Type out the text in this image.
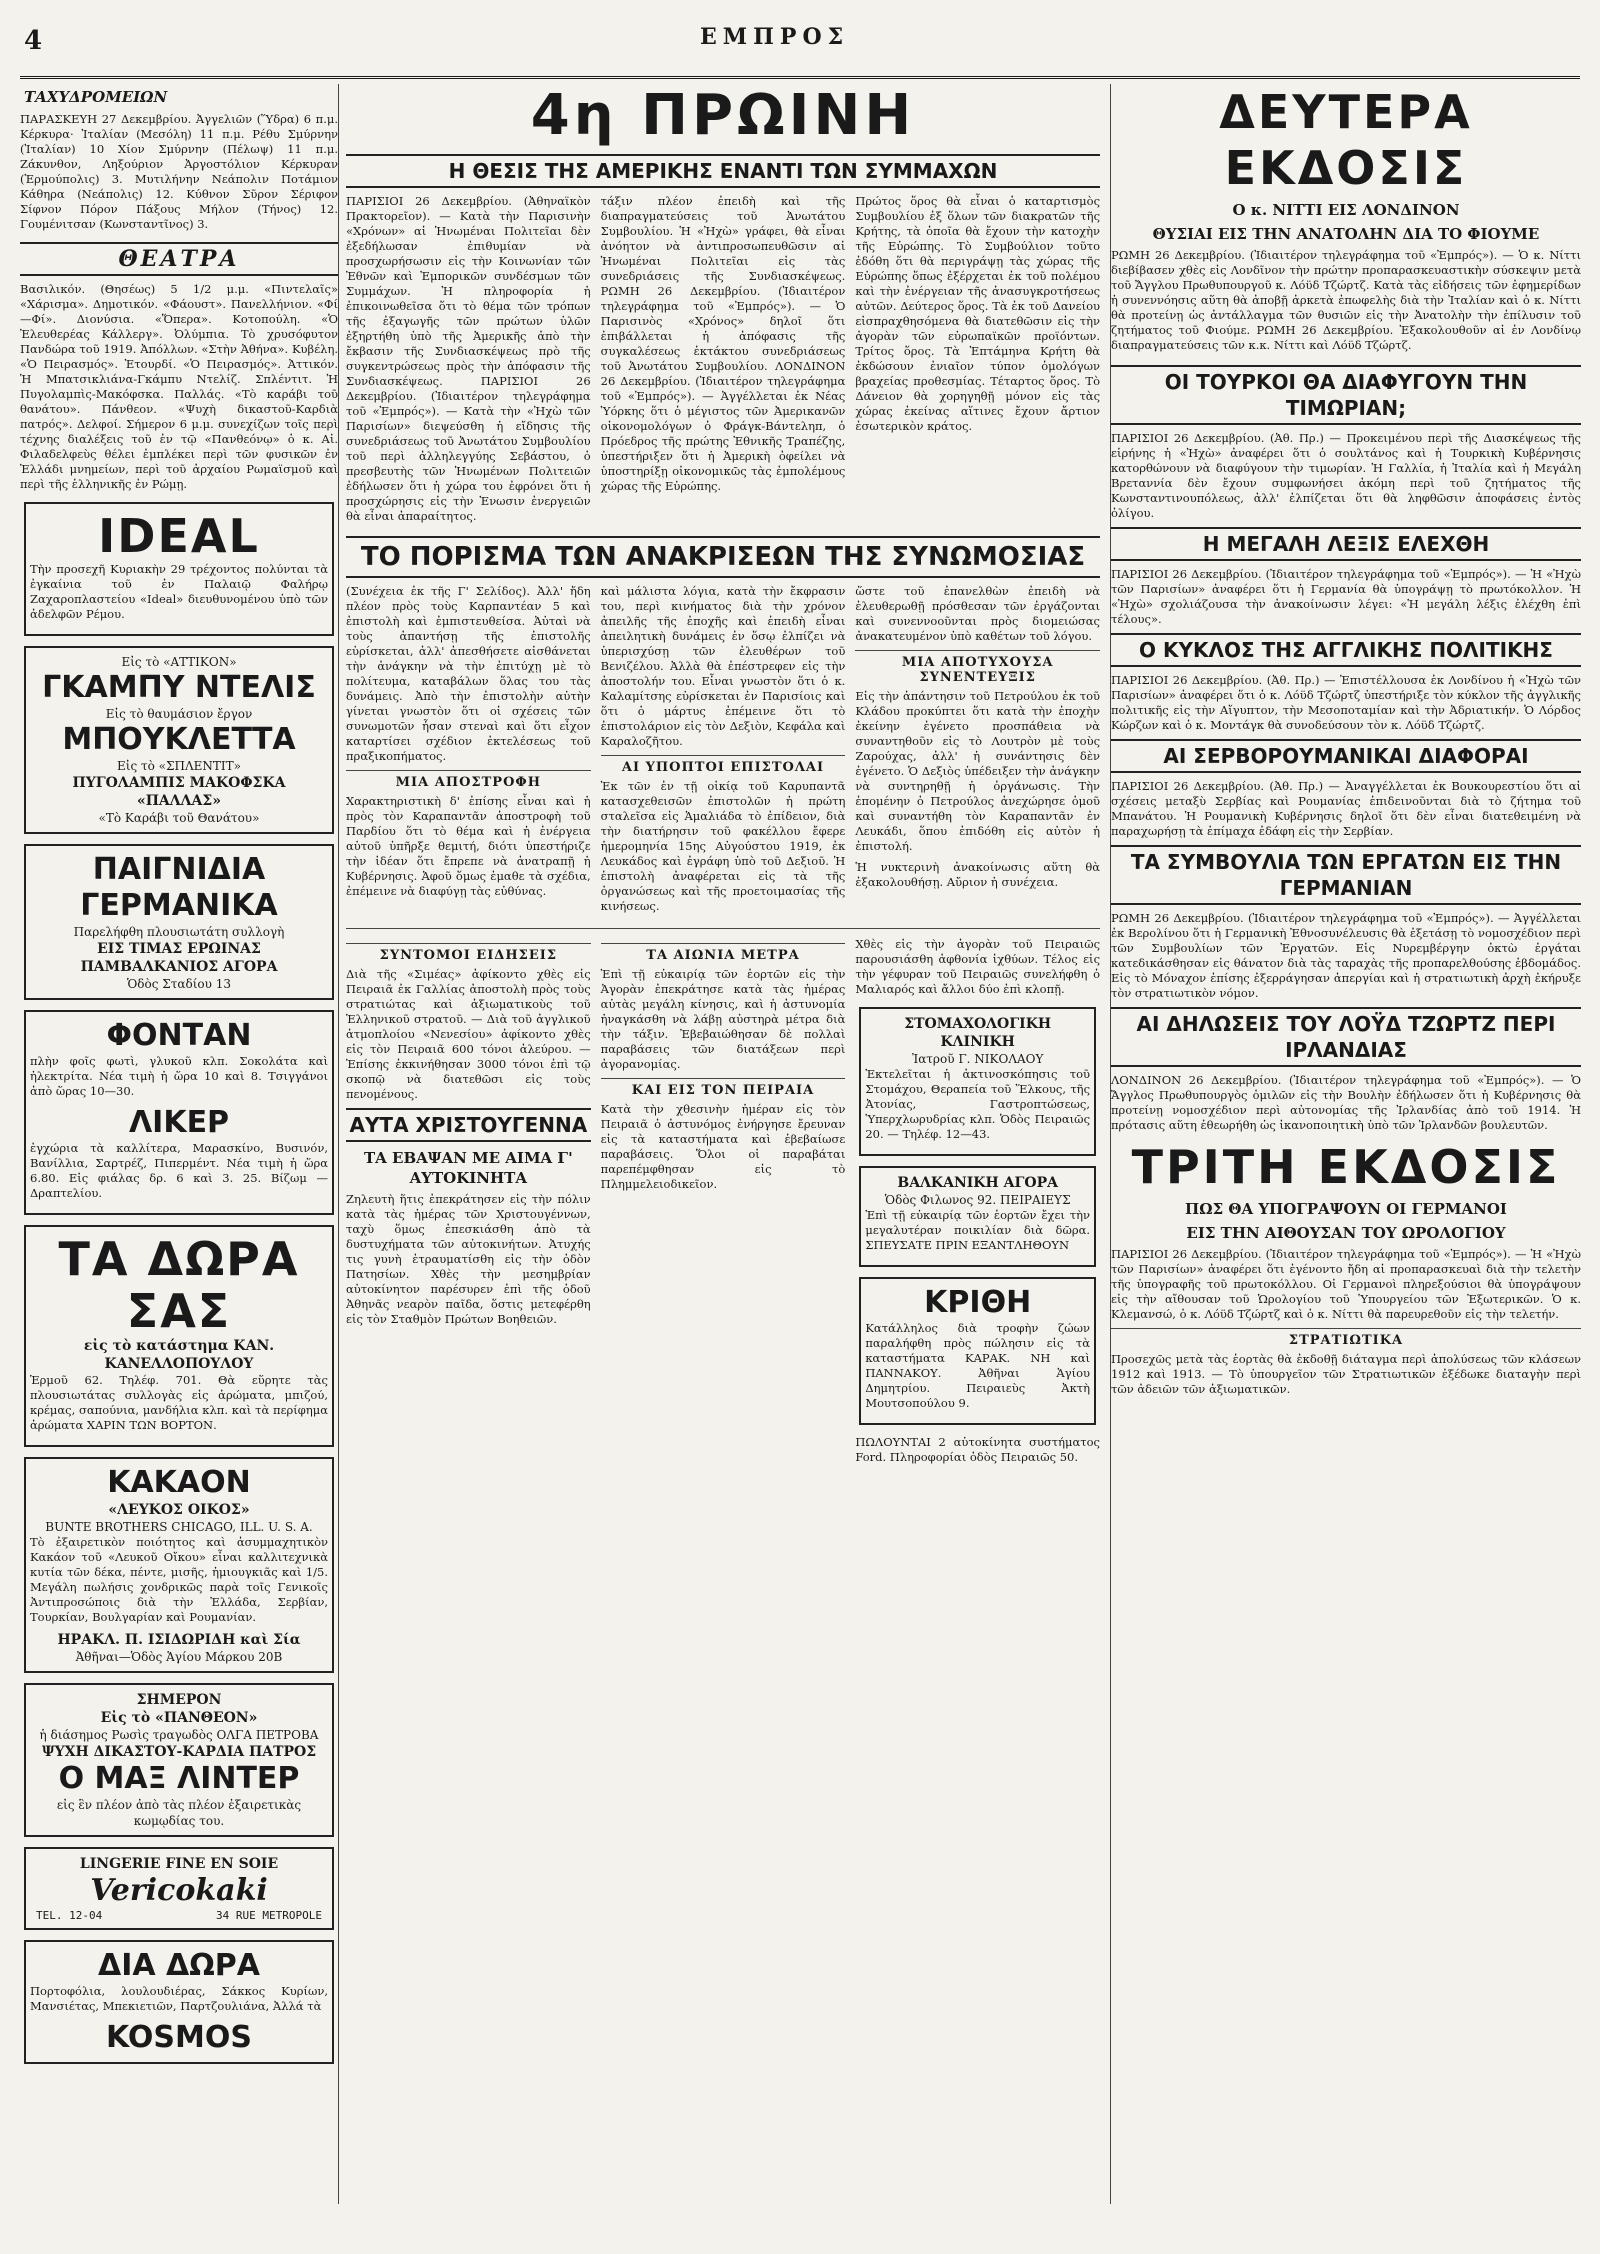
4	ΕΜΠΡΟΣ
ΤΑΧΥΔΡΟΜΕΙΩΝ

ΠΑΡΑΣΚΕΥΗ 27 Δεκεμβρίου. Ἀγγελιῶν (Ὕδρα) 6 π.μ. Κέρκυρα· Ἰταλίαν (Μεσόλη) 11 π.μ. Ρέθυ Σμύρνην (Ἰταλίαν) 10 Χίον Σμύρνην (Πέλωψ) 11 π.μ. Ζάκυνθον, Ληξούριον Ἀργοστόλιον Κέρκυραν (Ἑρμούπολις) 3. Μυτιλήνην Νεάπολιν Ποτάμιον Κάθηρα (Νεάπολις) 12. Κύθνον Σῦρον Σέριφον Σίφνον Πόρον Πάξους Μήλον (Τήνος) 12. Γουμένιτσαν (Κωνσταντῖνος) 3.

ΘΕΑΤΡΑ

Βασιλικόν. (Θησέως) 5 1/2 μ.μ. «Πιντελαῖς» «Χάρισμα». Δημοτικόν. «Φάουστ». Πανελλήνιον. «Φί—Φί». Διονύσια. «Ὅπερα». Κοτοπούλη. «Ὁ Ἐλευθερέας Κάλλεργ». Ὀλύμπια. Τὸ χρυσόφυτον Πανδώρα τοῦ 1919. Ἀπόλλων. «Στὴν Ἀθήνα». Κυβέλη. «Ὁ Πειρασμός». Ἑτουρδί. «Ὁ Πειρασμός». Ἀττικόν. Ἡ Μπατσικλιάνα-Γκάμπυ Ντελίζ. Σπλέντιτ. Ἡ Πυγολαμπὶς-Μακόφσκα. Παλλάς. «Τὸ καράβι τοῦ θανάτου». Πάνθεον. «Ψυχὴ δικαστοῦ-Καρδιὰ πατρός». Δελφοί. Σήμερον 6 μ.μ. συνεχίζων τοῖς περὶ τέχνης διαλέξεις τοῦ ἐν τῷ «Πανθεόνῳ» ὁ κ. Αἰ. Φιλαδελφεὺς θέλει ἐμπλέκει περὶ τῶν φυσικῶν ἐν Ἑλλάδι μνημείων, περὶ τοῦ ἀρχαίου Ρωμαϊσμοῦ καὶ περὶ τῆς ἑλληνικῆς ἐν Ρώμῃ.

IDEAL

Τὴν προσεχῆ Κυριακὴν 29 τρέχοντος πολύνται τὰ ἐγκαίνια τοῦ ἐν Παλαιῷ Φαλήρῳ Ζαχαροπλαστείου «Ideal» διευθυνομένου ὑπὸ τῶν ἀδελφῶν Ρέμου.

Εἰς τὸ «ΑΤΤΙΚΟΝ»
ΓΚΑΜΠΥ ΝΤΕΛΙΣ
Εἰς τὸ θαυμάσιον ἔργον
ΜΠΟΥΚΛΕΤΤΑ
Εἰς τὸ «ΣΠΛΕΝΤΙΤ»
ΠΥΓΟΛΑΜΠΙΣ ΜΑΚΟΦΣΚΑ
«ΠΑΛΛΑΣ»
«Τὸ Καράβι τοῦ Θανάτου»
ΠΑΙΓΝΙΔΙΑ ΓΕΡΜΑΝΙΚΑ
Παρελήφθη πλουσιωτάτη συλλογὴ
ΕΙΣ ΤΙΜΑΣ ΕΡΩΙΝΑΣ
ΠΑΜΒΑΛΚΑΝΙΟΣ ΑΓΟΡΑ
Ὁδὸς Σταδίου 13
ΦΟΝΤΑΝ

πλὴν φοῖς φωτὶ, γλυκοῦ κλπ. Σοκολάτα καὶ ἠλεκτρίτα. Νέα τιμὴ ἡ ὥρα 10 καὶ 8. Τσιγγάνοι ἀπὸ ὥρας 10—30.

ΛΙΚΕΡ

ἐγχώρια τὰ καλλίτερα, Μαρασκίνο, Βυσινόν, Βανίλλια, Σαρτρέζ, Πιπερμέντ. Νέα τιμὴ ἡ ὥρα 6.80. Εἰς φιάλας δρ. 6 καὶ 3. 25. Βίζωμ — Δραπτελίου.

ΤΑ ΔΩΡΑ ΣΑΣ
εἰς τὸ κατάστημα ΚΑΝ. ΚΑΝΕΛΛΟΠΟΥΛΟΥ

Ἑρμοῦ 62. Τηλέφ. 701. Θὰ εὕρητε τὰς πλουσιωτάτας συλλογὰς εἰς ἀρώματα, μπιζού, κρέμας, σαπούνια, μανδήλια κλπ. καὶ τὰ περίφημα ἀρώματα ΧΑΡΙΝ ΤΩΝ ΒΟΡΤΟΝ.

ΚΑΚΑΟΝ
«ΛΕΥΚΟΣ ΟΙΚΟΣ»
BUNTE BROTHERS CHICAGO, ILL. U. S. A.

Τὸ ἐξαιρετικὸν ποιότητος καὶ ἀσυμμαχητικὸν Κακάον τοῦ «Λευκοῦ Οἴκου» εἶναι καλλιτεχνικὰ κυτία τῶν δέκα, πέντε, μισῆς, ἡμιουγκιᾶς καὶ 1/5. Μεγάλη πωλήσις χονδρικῶς παρὰ τοῖς Γενικοῖς Ἀντιπροσώποις διὰ τὴν Ἑλλάδα, Σερβίαν, Τουρκίαν, Βουλγαρίαν καὶ Ρουμανίαν.

ΗΡΑΚΛ. Π. ΙΣΙΔΩΡΙΔΗ καὶ Σία
Ἀθῆναι—Ὁδὸς Ἁγίου Μάρκου 20Β
ΣΗΜΕΡΟΝ
Εἰς τὸ «ΠΑΝΘΕΟΝ»
ἡ διάσημος Ρωσὶς τραγωδὸς ΟΛΓΑ ΠΕΤΡΟΒΑ
ΨΥΧΗ ΔΙΚΑΣΤΟΥ-ΚΑΡΔΙΑ ΠΑΤΡΟΣ
Ο ΜΑΞ ΛΙΝΤΕΡ
εἰς ἓν πλέον ἀπὸ τὰς πλέον ἐξαιρετικὰς κωμῳδίας του.
LINGERIE FINE EN SOIE
Vericokaki
TEL. 12-04	34 RUE METROPOLE
ΔΙΑ ΔΩΡΑ

Πορτοφόλια, λουλουδιέρας, Σάκκος Κυρίων, Μανσιέτας, Μπεκιετιῶν, Παρτζουλιάνα, Ἀλλά τὰ

KOSMOS
4η ΠΡΩΙΝΗ
Η ΘΕΣΙΣ ΤΗΣ ΑΜΕΡΙΚΗΣ ΕΝΑΝΤΙ ΤΩΝ ΣΥΜΜΑΧΩΝ

ΠΑΡΙΣΙΟΙ 26 Δεκεμβρίου. (Ἀθηναϊκὸν Πρακτορεῖον). — Κατὰ τὴν Παρισινὴν «Χρόνων» αἱ Ἡνωμέναι Πολιτεῖαι δὲν ἐξεδήλωσαν ἐπιθυμίαν νὰ προσχωρήσωσιν εἰς τὴν Κοινωνίαν τῶν Ἐθνῶν καὶ Ἐμπορικῶν συνδέσμων τῶν Συμμάχων. Ἡ πληροφορία ἡ ἐπικοινωθεῖσα ὅτι τὸ θέμα τῶν τρόπων τῆς ἐξαγωγῆς τῶν πρώτων ὑλῶν ἐξηρτήθη ὑπὸ τῆς Ἀμερικῆς ἀπὸ τὴν ἔκβασιν τῆς Συνδιασκέψεως πρὸ τῆς συγκεντρώσεως πρὸς τὴν ἀπόφασιν τῆς Συνδιασκέψεως. ΠΑΡΙΣΙΟΙ 26 Δεκεμβρίου. (Ἰδιαιτέρον τηλεγράφημα τοῦ «Ἐμπρός»). — Κατὰ τὴν «Ἠχὼ τῶν Παρισίων» διεψεύσθη ἡ εἴδησις τῆς συνεδριάσεως τοῦ Ἀνωτάτου Συμβουλίου τοῦ περὶ ἀλληλεγγύης Σεβάστου, ὁ πρεσβευτὴς τῶν Ἡνωμένων Πολιτειῶν ἐδήλωσεν ὅτι ἡ χώρα του ἐφρόνει ὅτι ἡ προσχώρησις εἰς τὴν Ἑνωσιν ἐνεργειῶν θὰ εἶναι ἀπαραίτητος.

τάξιν πλέον ἐπειδὴ καὶ τῆς διαπραγματεύσεις τοῦ Ἀνωτάτου Συμβουλίου. Ἡ «Ἠχὼ» γράφει, θὰ εἶναι ἀνόητον νὰ ἀντιπροσωπευθῶσιν αἱ Ἡνωμέναι Πολιτεῖαι εἰς τὰς συνεδριάσεις τῆς Συνδιασκέψεως. ΡΩΜΗ 26 Δεκεμβρίου. (Ἰδιαιτέρον τηλεγράφημα τοῦ «Ἐμπρός»). — Ὁ Παρισινὸς «Χρόνος» δηλοῖ ὅτι ἐπιβάλλεται ἡ ἀπόφασις τῆς συγκαλέσεως ἐκτάκτου συνεδριάσεως τοῦ Ἀνωτάτου Συμβουλίου. ΛΟΝΔΙΝΟΝ 26 Δεκεμβρίου. (Ἰδιαιτέρον τηλεγράφημα τοῦ «Ἐμπρός»). — Ἀγγέλλεται ἐκ Νέας Ὑόρκης ὅτι ὁ μέγιστος τῶν Ἀμερικανῶν οἰκονομολόγων ὁ Φράγκ-Βάντεληπ, ὁ Πρόεδρος τῆς πρώτης Ἐθνικῆς Τραπέζης, ὑπεστήριξεν ὅτι ἡ Ἀμερικὴ ὀφείλει νὰ ὑποστηρίξῃ οἰκονομικῶς τὰς ἐμπολέμους χώρας τῆς Εὐρώπης.

Πρώτος ὅρος θὰ εἶναι ὁ καταρτισμὸς Συμβουλίου ἐξ ὅλων τῶν διακρατῶν τῆς Κρήτης, τὰ ὁποῖα θὰ ἔχουν τὴν κατοχὴν τῆς Εὐρώπης. Τὸ Συμβούλιον τοῦτο ἐδόθη ὅτι θὰ περιγράψῃ τὰς χώρας τῆς Εὐρώπης ὅπως ἐξέρχεται ἐκ τοῦ πολέμου καὶ τὴν ἐνέργειαν τῆς ἀνασυγκροτήσεως αὐτῶν. Δεύτερος ὅρος. Τὰ ἐκ τοῦ Δανείου εἰσπραχθησόμενα θὰ διατεθῶσιν εἰς τὴν ἀγορὰν τῶν εὐρωπαϊκῶν προϊόντων. Τρίτος ὅρος. Τὰ Ἑπτάμηνα Κρήτη θὰ ἐκδώσουν ἐνιαῖον τύπον ὁμολόγων βραχείας προθεσμίας. Τέταρτος ὅρος. Τὸ Δάνειον θὰ χορηγηθῇ μόνον εἰς τὰς χώρας ἐκείνας αἵτινες ἔχουν ἄρτιον ἐσωτερικὸν κράτος.

ΤΟ ΠΟΡΙΣΜΑ ΤΩΝ ΑΝΑΚΡΙΣΕΩΝ ΤΗΣ ΣΥΝΩΜΟΣΙΑΣ

(Συνέχεια ἐκ τῆς Γ' Σελίδος). Ἀλλ' ἤδη πλέον πρὸς τοὺς Καρπαντέαν 5 καὶ ἐπιστολὴ καὶ ἐμπιστευθείσα. Ἀὐταὶ νὰ τοὺς ἀπαντήσῃ τῆς ἐπιστολῆς εὑρίσκεται, ἀλλ' ἀπεσθήσετε αἰσθάνεται τὴν ἀνάγκην νὰ τὴν ἐπιτύχῃ μὲ τὸ πολίτευμα, καταβάλων ὅλας του τὰς δυνάμεις. Ἀπὸ τὴν ἐπιστολὴν αὐτὴν γίνεται γνωστὸν ὅτι οἱ σχέσεις τῶν συνωμοτῶν ἦσαν στεναὶ καὶ ὅτι εἶχον καταρτίσει σχέδιον ἐκτελέσεως τοῦ πραξικοπήματος.

ΜΙΑ ΑΠΟΣΤΡΟΦΗ

Χαρακτηριστικὴ δ' ἐπίσης εἶναι καὶ ἡ πρὸς τὸν Καραπαντᾶν ἀποστροφὴ τοῦ Παρδίου ὅτι τὸ θέμα καὶ ἡ ἐνέργεια αὐτοῦ ὑπῆρξε θεμιτή, διότι ὑπεστήριζε τὴν ἰδέαν ὅτι ἔπρεπε νὰ ἀνατραπῇ ἡ Κυβέρνησις. Ἀφοῦ ὅμως ἐμαθε τὰ σχέδια, ἐπέμεινε νὰ διαφύγῃ τὰς εὐθύνας.

καὶ μάλιστα λόγια, κατὰ τὴν ἔκφρασιν του, περὶ κινήματος διὰ τὴν χρόνον ἀπειλῆς τῆς ἐποχῆς καὶ ἐπειδὴ εἶναι ἀπειλητικὴ δυνάμεις ἐν ὅσῳ ἐλπίζει νὰ ὑπερισχύσῃ τῶν ἐλευθέρων τοῦ Βενιζέλου. Ἀλλὰ θὰ ἐπέστρεφεν εἰς τὴν ἀποστολήν του. Εἶναι γνωστὸν ὅτι ὁ κ. Καλαμίτσης εὑρίσκεται ἐν Παρισίοις καὶ ὅτι ὁ μάρτυς ἐπέμεινε ὅτι τὸ ἐπιστολάριον εἰς τὸν Δεξιὸν, Κεφάλα καὶ Καραλοζῆτου.

ΑΙ ΥΠΟΠΤΟΙ ΕΠΙΣΤΟΛΑΙ

Ἐκ τῶν ἐν τῇ οἰκίᾳ τοῦ Καρυπαντᾶ κατασχεθεισῶν ἐπιστολῶν ἡ πρώτη σταλεῖσα εἰς Ἁμαλιάδα τὸ ἐπίδειον, διὰ τὴν διατήρησιν τοῦ φακέλλου ἔφερε ἡμερομηνία 15ης Αὐγούστου 1919, ἐκ Λευκάδος καὶ ἐγράφη ὑπὸ τοῦ Δεξιοῦ. Ἡ ἐπιστολὴ ἀναφέρεται εἰς τὰ τῆς ὀργανώσεως καὶ τῆς προετοιμασίας τῆς κινήσεως.

ὥστε τοῦ ἐπανελθὼν ἐπειδὴ νὰ ἐλευθερωθῇ πρόσθεσαν τῶν ἐργάζονται καὶ συνεννοοῦνται πρὸς διομειώσας ἀνακατευμένον ὑπὸ καθέτων τοῦ λόγου.

ΜΙΑ ΑΠΟΤΥΧΟΥΣΑ ΣΥΝΕΝΤΕΥΞΙΣ

Εἰς τὴν ἀπάντησιν τοῦ Πετρούλου ἐκ τοῦ Κλάδου προκύπτει ὅτι κατὰ τὴν ἐποχὴν ἐκείνην ἐγένετο προσπάθεια νὰ συναντηθοῦν εἰς τὸ Λουτρὸν μὲ τοὺς Ζαρούχας, ἀλλ' ἡ συνάντησις δὲν ἐγένετο. Ὁ Δεξιὸς ὑπέδειξεν τὴν ἀνάγκην νὰ συντηρηθῇ ἡ ὀργάνωσις. Τὴν ἐπομένην ὁ Πετρούλος ἀνεχώρησε ὁμοῦ καὶ συναντήθη τὸν Καραπαντᾶν ἐν Λευκάδι, ὅπου ἐπιδόθη εἰς αὐτὸν ἡ ἐπιστολή.

Ἡ νυκτερινὴ ἀνακοίνωσις αὕτη θὰ ἐξακολουθήσῃ. Αὔριον ἡ συνέχεια.

ΣΥΝΤΟΜΟΙ ΕΙΔΗΣΕΙΣ

Διὰ τῆς «Σιμέας» ἀφίκοντο χθὲς εἰς Πειραιᾶ ἐκ Γαλλίας ἀποστολὴ πρὸς τοὺς στρατιώτας καὶ ἀξιωματικοὺς τοῦ Ἑλληνικοῦ στρατοῦ. — Διὰ τοῦ ἀγγλικοῦ ἀτμοπλοίου «Νενεσίου» ἀφίκοντο χθὲς εἰς τὸν Πειραιᾶ 600 τόνοι ἀλεύρου. — Ἐπίσης ἐκκινήθησαν 3000 τόνοι ἐπὶ τῷ σκοπῷ νὰ διατεθῶσι εἰς τοὺς πενομένους.

ΑΥΤΑ ΧΡΙΣΤΟΥΓΕΝΝΑ
ΤΑ ΕΒΑΨΑΝ ΜΕ ΑΙΜΑ Γ' ΑΥΤΟΚΙΝΗΤΑ

Ζηλευτὴ ἥτις ἐπεκράτησεν εἰς τὴν πόλιν κατὰ τὰς ἡμέρας τῶν Χριστουγέννων, ταχὺ ὅμως ἐπεσκιάσθη ἀπὸ τὰ δυστυχήματα τῶν αὐτοκινήτων. Ἀτυχής τις γυνὴ ἐτραυματίσθη εἰς τὴν ὁδὸν Πατησίων. Χθὲς τὴν μεσημβρίαν αὐτοκίνητον παρέσυρεν ἐπὶ τῆς ὁδοῦ Ἀθηνᾶς νεαρὸν παῖδα, ὅστις μετεφέρθη εἰς τὸν Σταθμὸν Πρώτων Βοηθειῶν.

ΤΑ ΑΙΩΝΙΑ ΜΕΤΡΑ

Ἐπὶ τῇ εὐκαιρίᾳ τῶν ἑορτῶν εἰς τὴν Ἀγορὰν ἐπεκράτησε κατὰ τὰς ἡμέρας αὐτὰς μεγάλη κίνησις, καὶ ἡ ἀστυνομία ἠναγκάσθη νὰ λάβῃ αὐστηρὰ μέτρα διὰ τὴν τάξιν. Ἐβεβαιώθησαν δὲ πολλαὶ παραβάσεις τῶν διατάξεων περὶ ἀγορανομίας.

ΚΑΙ ΕΙΣ ΤΟΝ ΠΕΙΡΑΙΑ

Κατὰ τὴν χθεσινὴν ἡμέραν εἰς τὸν Πειραιᾶ ὁ ἀστυνόμος ἐνήργησε ἔρευναν εἰς τὰ καταστήματα καὶ ἐβεβαίωσε παραβάσεις. Ὅλοι οἱ παραβάται παρεπέμφθησαν εἰς τὸ Πλημμελειοδικεῖον.

Χθὲς εἰς τὴν ἀγορὰν τοῦ Πειραιῶς παρουσιάσθη ἀφθονία ἰχθύων. Τέλος εἰς τὴν γέφυραν τοῦ Πειραιῶς συνελήφθη ὁ Μαλιαρός καὶ ἄλλοι δύο ἐπὶ κλοπῇ.

ΣΤΟΜΑΧΟΛΟΓΙΚΗ ΚΛΙΝΙΚΗ
Ἰατροῦ Γ. ΝΙΚΟΛΑΟΥ

Ἐκτελεῖται ἡ ἀκτινοσκόπησις τοῦ Στομάχου, Θεραπεία τοῦ Ἕλκους, τῆς Ἀτονίας, Γαστροπτώσεως, Ὑπερχλωρυδρίας κλπ. Ὁδὸς Πειραιῶς 20. — Τηλέφ. 12—43.

ΒΑΛΚΑΝΙΚΗ ΑΓΟΡΑ
Ὁδὸς Φιλωνος 92. ΠΕΙΡΑΙΕΥΣ

Ἐπὶ τῇ εὐκαιρίᾳ τῶν ἑορτῶν ἔχει τὴν μεγαλυτέραν ποικιλίαν διὰ δῶρα. ΣΠΕΥΣΑΤΕ ΠΡΙΝ ΕΞΑΝΤΛΗΘΟΥΝ

ΚΡΙΘΗ

Κατάλληλος διὰ τροφὴν ζώων παραλήφθη πρὸς πώλησιν εἰς τὰ καταστήματα ΚΑΡΑΚ. ΝΗ καὶ ΠΑΝΝΑΚΟΥ. Ἀθῆναι Ἁγίου Δημητρίου. Πειραιεὺς Ἀκτὴ Μουτσοπούλου 9.

ΠΩΛΟΥΝΤΑΙ 2 αὐτοκίνητα συστήματος Ford. Πληροφορίαι ὁδὸς Πειραιῶς 50.

ΔΕΥΤΕΡΑ ΕΚΔΟΣΙΣ
Ο κ. ΝΙΤΤΙ ΕΙΣ ΛΟΝΔΙΝΟΝ
ΘΥΣΙΑΙ ΕΙΣ ΤΗΝ ΑΝΑΤΟΛΗΝ ΔΙΑ ΤΟ ΦΙΟΥΜΕ

ΡΩΜΗ 26 Δεκεμβρίου. (Ἰδιαιτέρον τηλεγράφημα τοῦ «Ἐμπρός»). — Ὁ κ. Νίττι διεβίβασεν χθὲς εἰς Λονδῖνον τὴν πρώτην προπαρασκευαστικὴν σύσκεψιν μετὰ τοῦ Ἄγγλου Πρωθυπουργοῦ κ. Λόϋδ Τζώρτζ. Κατὰ τὰς εἰδήσεις τῶν ἐφημερίδων ἡ συνεννόησις αὕτη θὰ ἀποβῇ ἀρκετὰ ἐπωφελὴς διὰ τὴν Ἰταλίαν καὶ ὁ κ. Νίττι θὰ προτείνῃ ὡς ἀντάλλαγμα τῶν θυσιῶν εἰς τὴν Ἀνατολὴν τὴν ἐπίλυσιν τοῦ ζητήματος τοῦ Φιούμε. ΡΩΜΗ 26 Δεκεμβρίου. Ἐξακολουθοῦν αἱ ἐν Λονδίνῳ διαπραγματεύσεις τῶν κ.κ. Νίττι καὶ Λόϋδ Τζώρτζ.

ΟΙ ΤΟΥΡΚΟΙ ΘΑ ΔΙΑΦΥΓΟΥΝ ΤΗΝ ΤΙΜΩΡΙΑΝ;

ΠΑΡΙΣΙΟΙ 26 Δεκεμβρίου. (Ἀθ. Πρ.) — Προκειμένου περὶ τῆς Διασκέψεως τῆς εἰρήνης ἡ «Ἠχὼ» ἀναφέρει ὅτι ὁ σουλτάνος καὶ ἡ Τουρκικὴ Κυβέρνησις κατορθώνουν νὰ διαφύγουν τὴν τιμωρίαν. Ἡ Γαλλία, ἡ Ἰταλία καὶ ἡ Μεγάλη Βρεταννία δὲν ἔχουν συμφωνήσει ἀκόμη περὶ τοῦ ζητήματος τῆς Κωνσταντινουπόλεως, ἀλλ' ἐλπίζεται ὅτι θὰ ληφθῶσιν ἀποφάσεις ἐντὸς ὀλίγου.

Η ΜΕΓΑΛΗ ΛΕΞΙΣ ΕΛΕΧΘΗ

ΠΑΡΙΣΙΟΙ 26 Δεκεμβρίου. (Ἰδιαιτέρον τηλεγράφημα τοῦ «Ἐμπρός»). — Ἡ «Ἠχὼ τῶν Παρισίων» ἀναφέρει ὅτι ἡ Γερμανία θὰ ὑπογράψῃ τὸ πρωτόκολλον. Ἡ «Ἠχὼ» σχολιάζουσα τὴν ἀνακοίνωσιν λέγει: «Ἡ μεγάλη λέξις ἐλέχθη ἐπὶ τέλους».

Ο ΚΥΚΛΟΣ ΤΗΣ ΑΓΓΛΙΚΗΣ ΠΟΛΙΤΙΚΗΣ

ΠΑΡΙΣΙΟΙ 26 Δεκεμβρίου. (Ἀθ. Πρ.) — Ἐπιστέλλουσα ἐκ Λονδίνου ἡ «Ἠχὼ τῶν Παρισίων» ἀναφέρει ὅτι ὁ κ. Λόϋδ Τζώρτζ ὑπεστήριξε τὸν κύκλον τῆς ἀγγλικῆς πολιτικῆς εἰς τὴν Αἴγυπτον, τὴν Μεσοποταμίαν καὶ τὴν Ἀδριατικήν. Ὁ Λόρδος Κώρζων καὶ ὁ κ. Μοντάγκ θὰ συνοδεύσουν τὸν κ. Λόϋδ Τζώρτζ.

ΑΙ ΣΕΡΒΟΡΟΥΜΑΝΙΚΑΙ ΔΙΑΦΟΡΑΙ

ΠΑΡΙΣΙΟΙ 26 Δεκεμβρίου. (Ἀθ. Πρ.) — Ἀναγγέλλεται ἐκ Βουκουρεστίου ὅτι αἱ σχέσεις μεταξὺ Σερβίας καὶ Ρουμανίας ἐπιδεινοῦνται διὰ τὸ ζήτημα τοῦ Μπανάτου. Ἡ Ρουμανικὴ Κυβέρνησις δηλοῖ ὅτι δὲν εἶναι διατεθειμένη νὰ παραχωρήσῃ τὰ ἐπίμαχα ἐδάφη εἰς τὴν Σερβίαν.

ΤΑ ΣΥΜΒΟΥΛΙΑ ΤΩΝ ΕΡΓΑΤΩΝ ΕΙΣ ΤΗΝ ΓΕΡΜΑΝΙΑΝ

ΡΩΜΗ 26 Δεκεμβρίου. (Ἰδιαιτέρον τηλεγράφημα τοῦ «Ἐμπρός»). — Ἀγγέλλεται ἐκ Βερολίνου ὅτι ἡ Γερμανικὴ Ἐθνοσυνέλευσις θὰ ἐξετάσῃ τὸ νομοσχέδιον περὶ τῶν Συμβουλίων τῶν Ἐργατῶν. Εἰς Νυρεμβέργην ὀκτὼ ἐργάται κατεδικάσθησαν εἰς θάνατον διὰ τὰς ταραχὰς τῆς προπαρελθούσης ἑβδομάδος. Εἰς τὸ Μόναχον ἐπίσης ἐξερράγησαν ἀπεργίαι καὶ ἡ στρατιωτικὴ ἀρχὴ ἐκήρυξε τὸν στρατιωτικὸν νόμον.

ΑΙ ΔΗΛΩΣΕΙΣ ΤΟΥ ΛΟΫΔ ΤΖΩΡΤΖ ΠΕΡΙ ΙΡΛΑΝΔΙΑΣ

ΛΟΝΔΙΝΟΝ 26 Δεκεμβρίου. (Ἰδιαιτέρον τηλεγράφημα τοῦ «Ἐμπρός»). — Ὁ Ἄγγλος Πρωθυπουργὸς ὁμιλῶν εἰς τὴν Βουλὴν ἐδήλωσεν ὅτι ἡ Κυβέρνησις θὰ προτείνῃ νομοσχέδιον περὶ αὐτονομίας τῆς Ἰρλανδίας ἀπὸ τοῦ 1914. Ἡ πρότασις αὕτη ἐθεωρήθη ὡς ἱκανοποιητικὴ ὑπὸ τῶν Ἰρλανδῶν βουλευτῶν.

ΤΡΙΤΗ ΕΚΔΟΣΙΣ
ΠΩΣ ΘΑ ΥΠΟΓΡΑΨΟΥΝ ΟΙ ΓΕΡΜΑΝΟΙ
ΕΙΣ ΤΗΝ ΑΙΘΟΥΣΑΝ ΤΟΥ ΩΡΟΛΟΓΙΟΥ

ΠΑΡΙΣΙΟΙ 26 Δεκεμβρίου. (Ἰδιαιτέρον τηλεγράφημα τοῦ «Ἐμπρός»). — Ἡ «Ἠχὼ τῶν Παρισίων» ἀναφέρει ὅτι ἐγένοντο ἤδη αἱ προπαρασκευαὶ διὰ τὴν τελετὴν τῆς ὑπογραφῆς τοῦ πρωτοκόλλου. Οἱ Γερμανοὶ πληρεξούσιοι θὰ ὑπογράψουν εἰς τὴν αἴθουσαν τοῦ Ὡρολογίου τοῦ Ὑπουργείου τῶν Ἐξωτερικῶν. Ὁ κ. Κλεμανσώ, ὁ κ. Λόϋδ Τζώρτζ καὶ ὁ κ. Νίττι θὰ παρευρεθοῦν εἰς τὴν τελετήν.

ΣΤΡΑΤΙΩΤΙΚΑ

Προσεχῶς μετὰ τὰς ἑορτὰς θὰ ἐκδοθῇ διάταγμα περὶ ἀπολύσεως τῶν κλάσεων 1912 καὶ 1913. — Τὸ ὑπουργεῖον τῶν Στρατιωτικῶν ἐξέδωκε διαταγὴν περὶ τῶν ἀδειῶν τῶν ἀξιωματικῶν.
